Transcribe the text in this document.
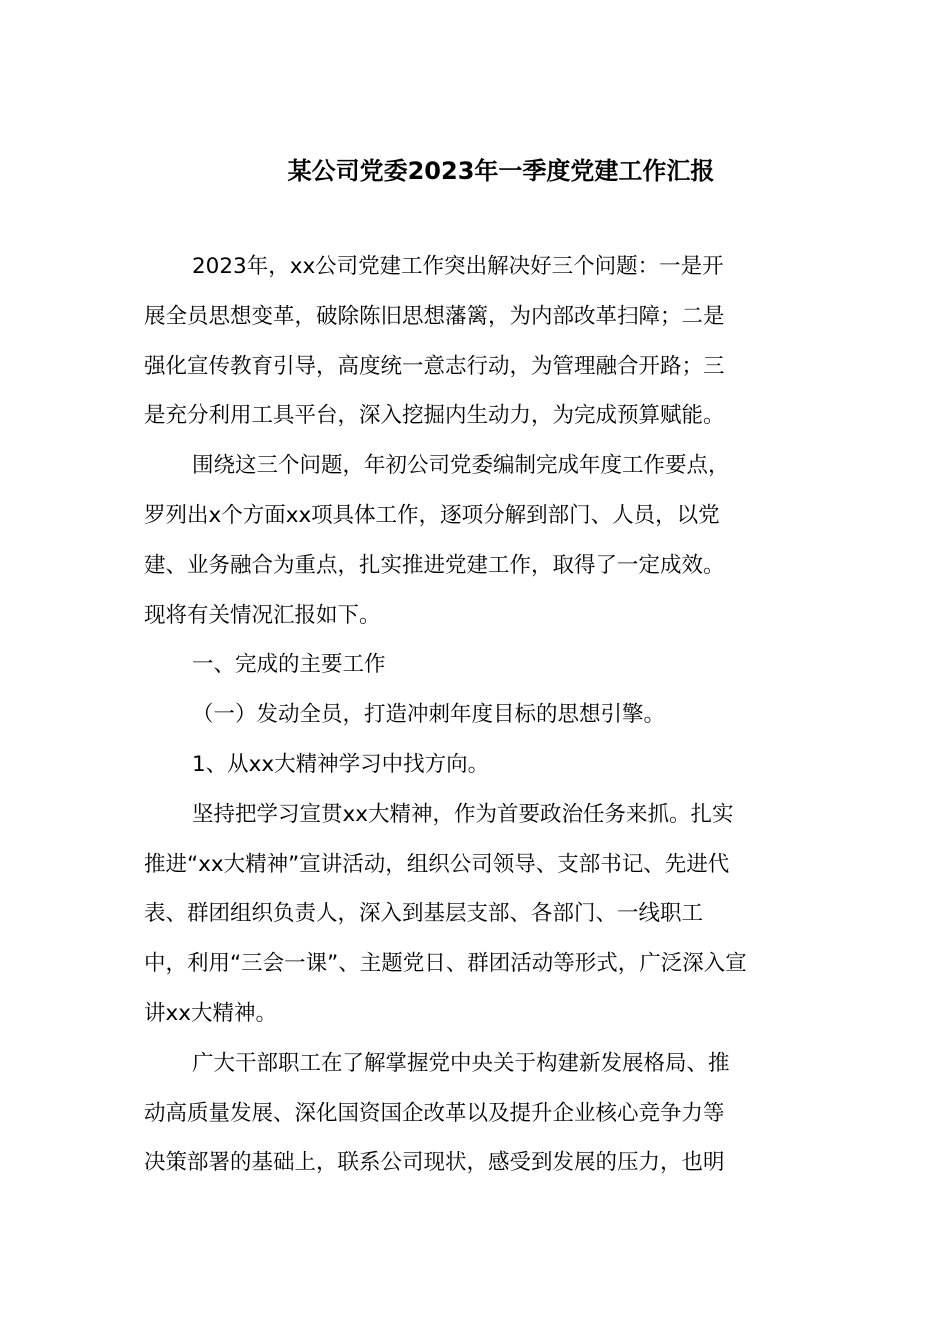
某公司党委2023年一季度党建工作汇报
2023年，xx公司党建工作突出解决好三个问题：一是开
展全员思想变革，破除陈旧思想藩篱，为内部改革扫障；二是
强化宣传教育引导，高度统一意志行动，为管理融合开路；三
是充分利用工具平台，深入挖掘内生动力，为完成预算赋能。
围绕这三个问题，年初公司党委编制完成年度工作要点，
罗列出x个方面xx项具体工作，逐项分解到部门、人员，以党
建、业务融合为重点，扎实推进党建工作，取得了一定成效。
现将有关情况汇报如下。
一、完成的主要工作
（一）发动全员，打造冲刺年度目标的思想引擎。
1、从xx大精神学习中找方向。
坚持把学习宣贯xx大精神，作为首要政治任务来抓。扎实
推进“xx大精神”宣讲活动，组织公司领导、支部书记、先进代
表、群团组织负责人，深入到基层支部、各部门、一线职工
中，利用“三会一课”、主题党日、群团活动等形式，广泛深入宣
讲xx大精神。
广大干部职工在了解掌握党中央关于构建新发展格局、推
动高质量发展、深化国资国企改革以及提升企业核心竞争力等
决策部署的基础上，联系公司现状，感受到发展的压力，也明
